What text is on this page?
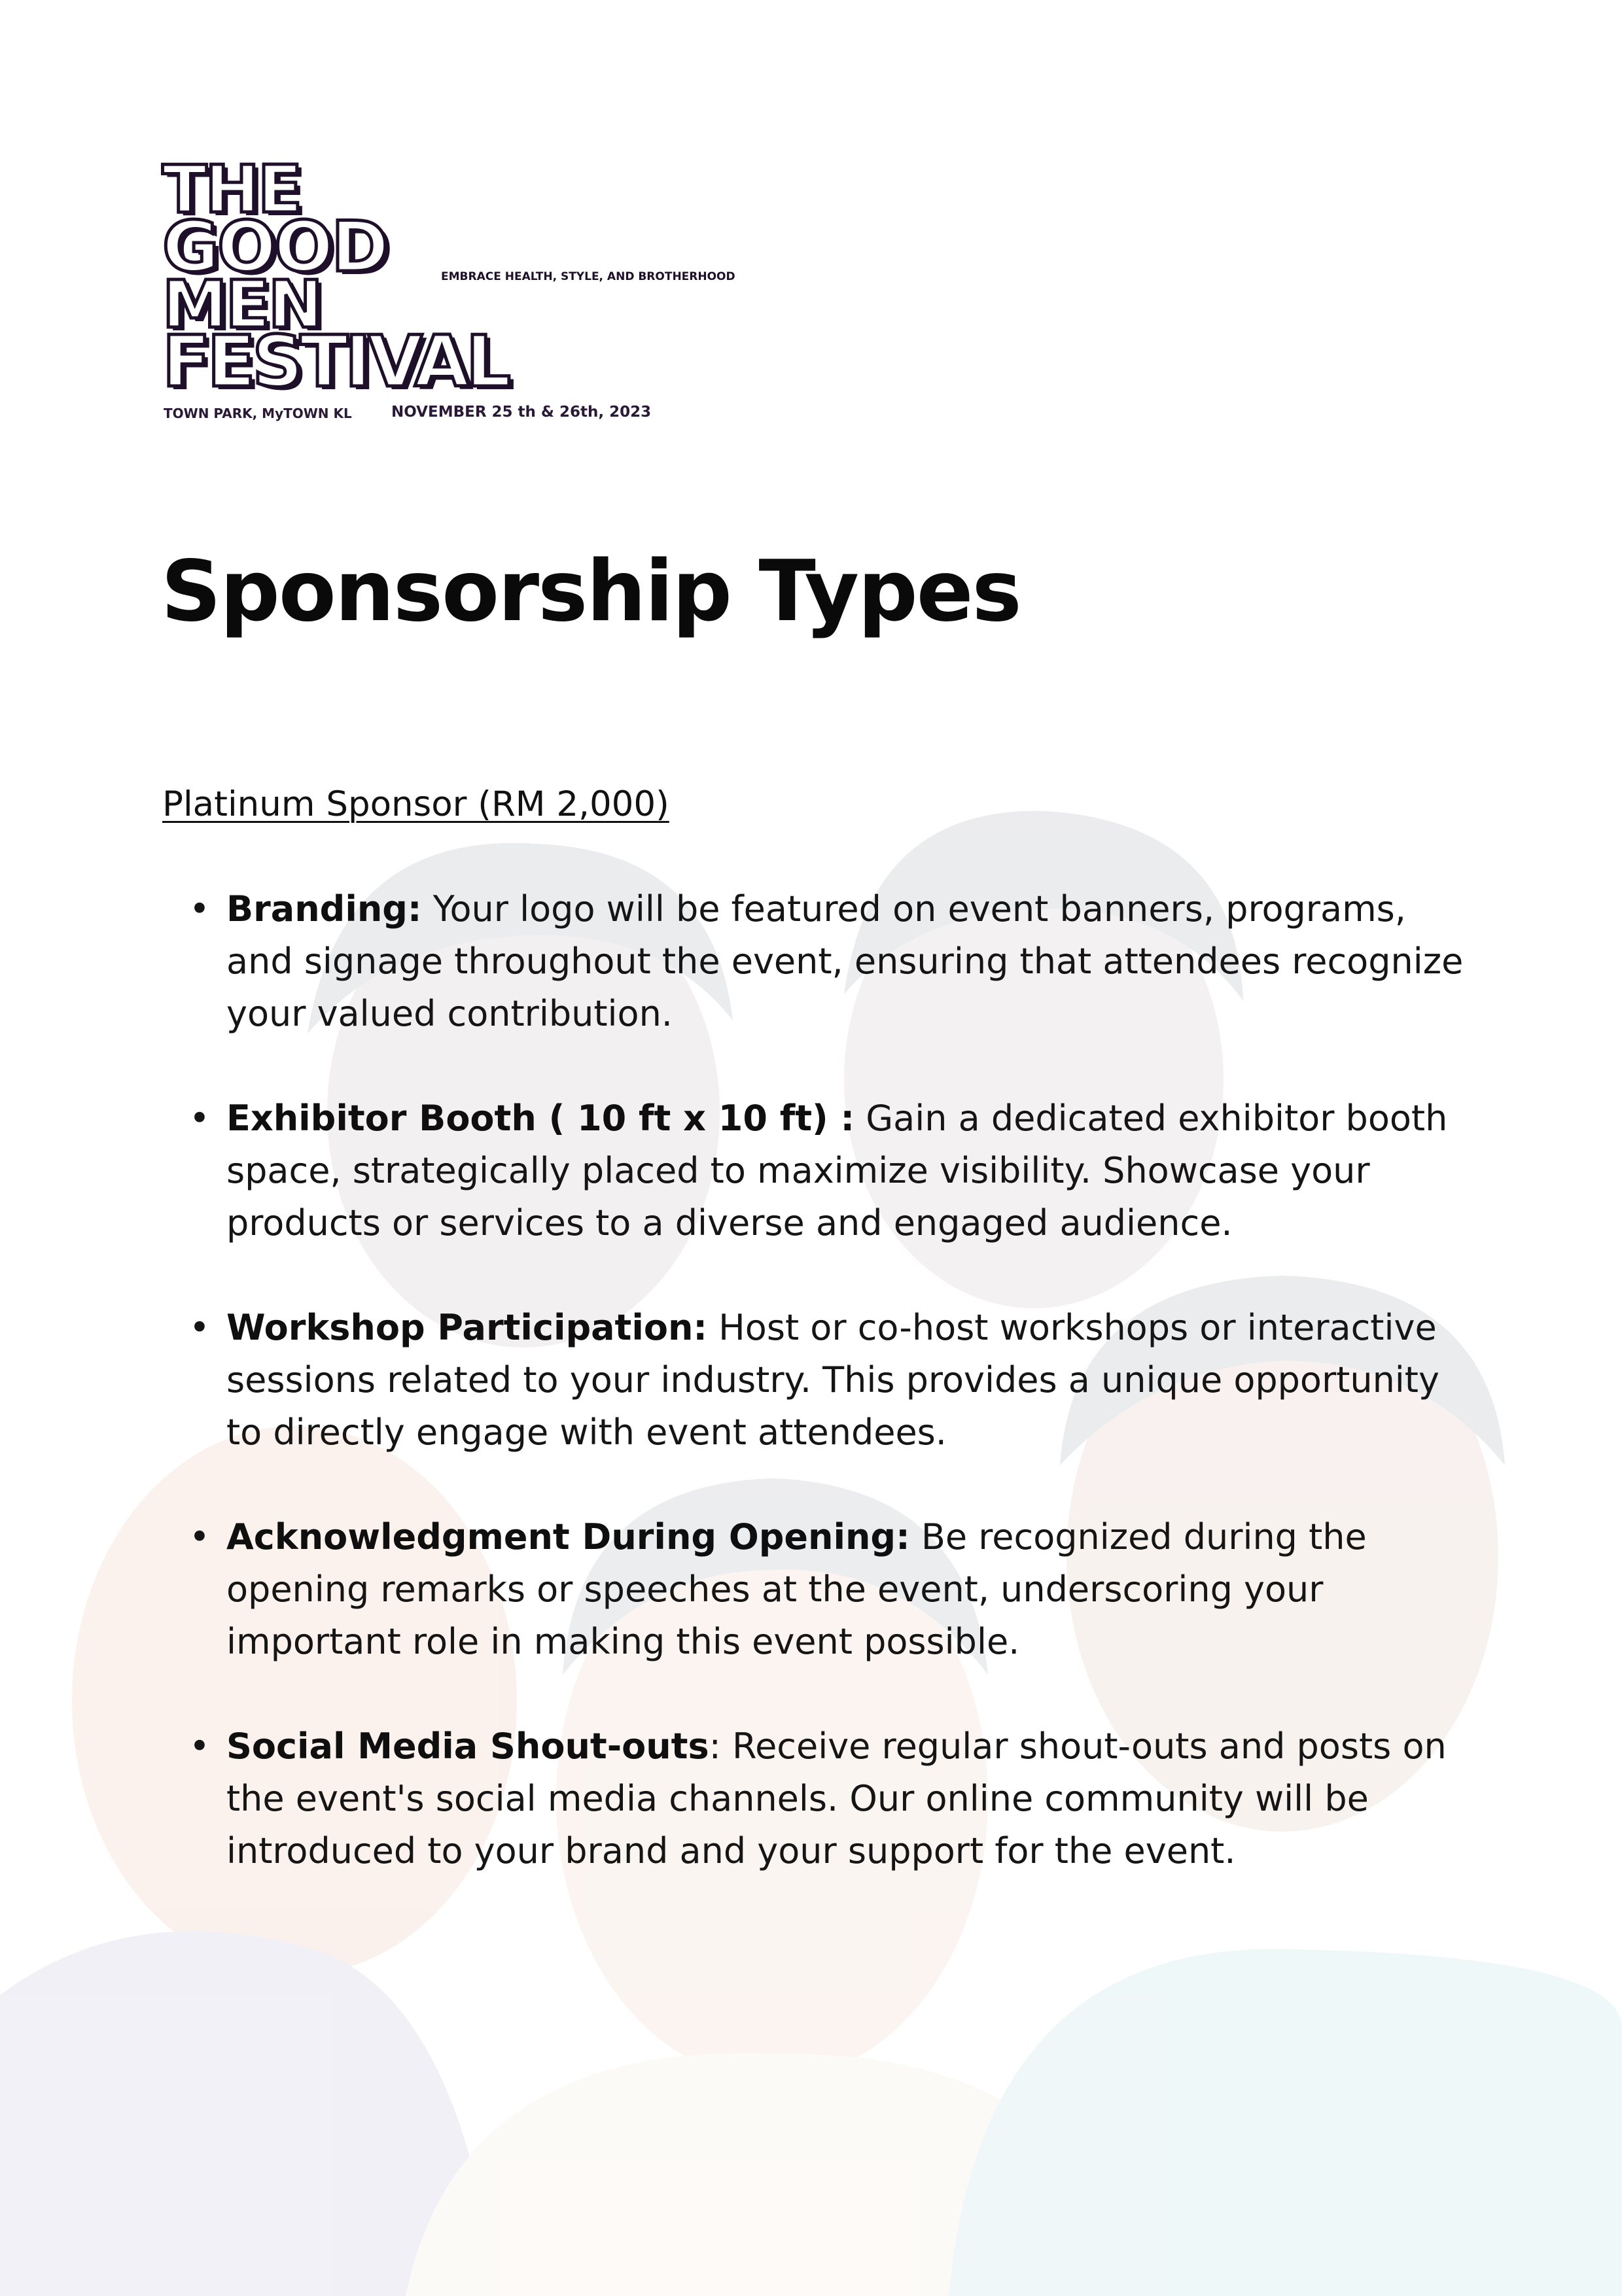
THE
GOOD
MEN
FESTIVAL
EMBRACE HEALTH, STYLE, AND BROTHERHOOD
TOWN PARK, MyTOWN KL	NOVEMBER 25 th & 26th, 2023
Sponsorship Types
Platinum Sponsor (RM 2,000)
• Branding: Your logo will be featured on event banners, programs, and signage throughout the event, ensuring that attendees recognize your valued contribution.
• Exhibitor Booth ( 10 ft x 10 ft) : Gain a dedicated exhibitor booth space, strategically placed to maximize visibility. Showcase your products or services to a diverse and engaged audience.
• Workshop Participation: Host or co-host workshops or interactive sessions related to your industry. This provides a unique opportunity to directly engage with event attendees.
• Acknowledgment During Opening: Be recognized during the opening remarks or speeches at the event, underscoring your important role in making this event possible.
• Social Media Shout-outs: Receive regular shout-outs and posts on the event's social media channels. Our online community will be introduced to your brand and your support for the event.
